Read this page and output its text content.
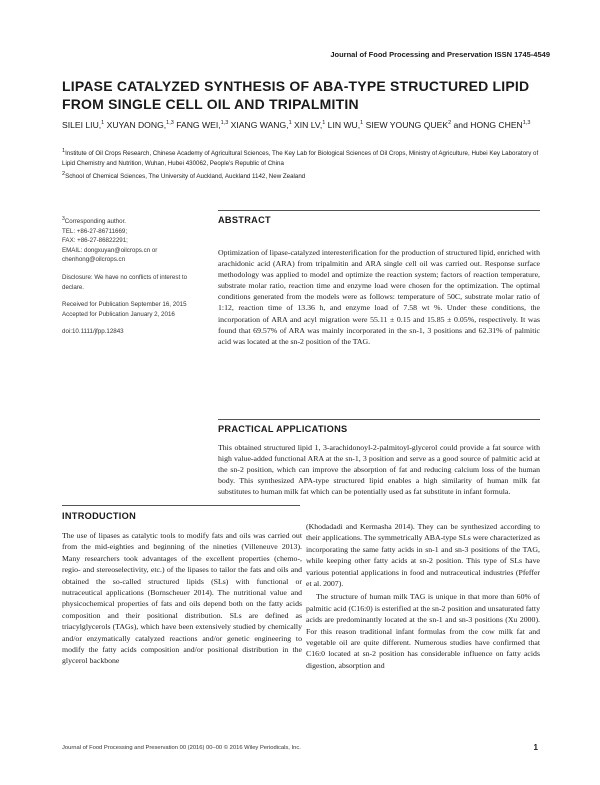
Journal of Food Processing and Preservation ISSN 1745-4549
LIPASE CATALYZED SYNTHESIS OF ABA-TYPE STRUCTURED LIPID FROM SINGLE CELL OIL AND TRIPALMITIN
SILEI LIU,$^1$ XUYAN DONG,$^{1,3}$ FANG WEI,$^{1,3}$ XIANG WANG,$^1$ XIN LV,$^1$ LIN WU,$^1$ SIEW YOUNG QUEK$^2$ and HONG CHEN$^{1,3}$
$^1$Institute of Oil Crops Research, Chinese Academy of Agricultural Sciences, The Key Lab for Biological Sciences of Oil Crops, Ministry of Agriculture, Hubei Key Laboratory of Lipid Chemistry and Nutrition, Wuhan, Hubei 430062, People's Republic of China
$^2$School of Chemical Sciences, The University of Auckland, Auckland 1142, New Zealand
$^3$Corresponding author.
TEL: +86-27-86711669;
FAX: +86-27-86822291;
EMAIL: dongxuyan@oilcrops.cn or chenhong@oilcrops.cn
Disclosure: We have no conflicts of interest to declare.
Received for Publication September 16, 2015
Accepted for Publication January 2, 2016
doi:10.1111/jfpp.12843
ABSTRACT

Optimization of lipase-catalyzed interesterification for the production of structured lipid, enriched with arachidonic acid (ARA) from tripalmitin and ARA single cell oil was carried out. Response surface methodology was applied to model and optimize the reaction system; factors of reaction temperature, substrate molar ratio, reaction time and enzyme load were chosen for the optimization. The optimal conditions generated from the models were as follows: temperature of 50C, substrate molar ratio of 1:12, reaction time of 13.36 h, and enzyme load of 7.58 wt %. Under these conditions, the incorporation of ARA and acyl migration were 55.11 ± 0.15 and 15.85 ± 0.05%, respectively. It was found that 69.57% of ARA was mainly incorporated in the sn-1, 3 positions and 62.31% of palmitic acid was located at the sn-2 position of the TAG.

PRACTICAL APPLICATIONS

This obtained structured lipid 1, 3-arachidonoyl-2-palmitoyl-glycerol could provide a fat source with high value-added functional ARA at the sn-1, 3 position and serve as a good source of palmitic acid at the sn-2 position, which can improve the absorption of fat and reducing calcium loss of the human body. This synthesized APA-type structured lipid enables a high similarity of human milk fat substitutes to human milk fat which can be potentially used as fat substitute in infant formula.

INTRODUCTION

The use of lipases as catalytic tools to modify fats and oils was carried out from the mid-eighties and beginning of the nineties (Villeneuve 2013). Many researchers took advantages of the excellent properties (chemo-, regio- and stereoselectivity, etc.) of the lipases to tailor the fats and oils and obtained the so-called structured lipids (SLs) with functional or nutraceutical applications (Bornscheuer 2014). The nutritional value and physicochemical properties of fats and oils depend both on the fatty acids composition and their positional distribution. SLs are defined as triacylglycerols (TAGs), which have been extensively studied by chemically and/or enzymatically catalyzed reactions and/or genetic engineering to modify the fatty acids composition and/or positional distribution in the glycerol backbone

(Khodadadi and Kermasha 2014). They can be synthesized according to their applications. The symmetrically ABA-type SLs were characterized as incorporating the same fatty acids in sn-1 and sn-3 positions of the TAG, while keeping other fatty acids at sn-2 position. This type of SLs have various potential applications in food and nutraceutical industries (Pfeffer et al. 2007).

The structure of human milk TAG is unique in that more than 60% of palmitic acid (C16:0) is esterified at the sn-2 position and unsaturated fatty acids are predominantly located at the sn-1 and sn-3 positions (Xu 2000). For this reason traditional infant formulas from the cow milk fat and vegetable oil are quite different. Numerous studies have confirmed that C16:0 located at sn-2 position has considerable influence on fatty acids digestion, absorption and

Journal of Food Processing and Preservation 00 (2016) 00–00 © 2016 Wiley Periodicals, Inc.	1
